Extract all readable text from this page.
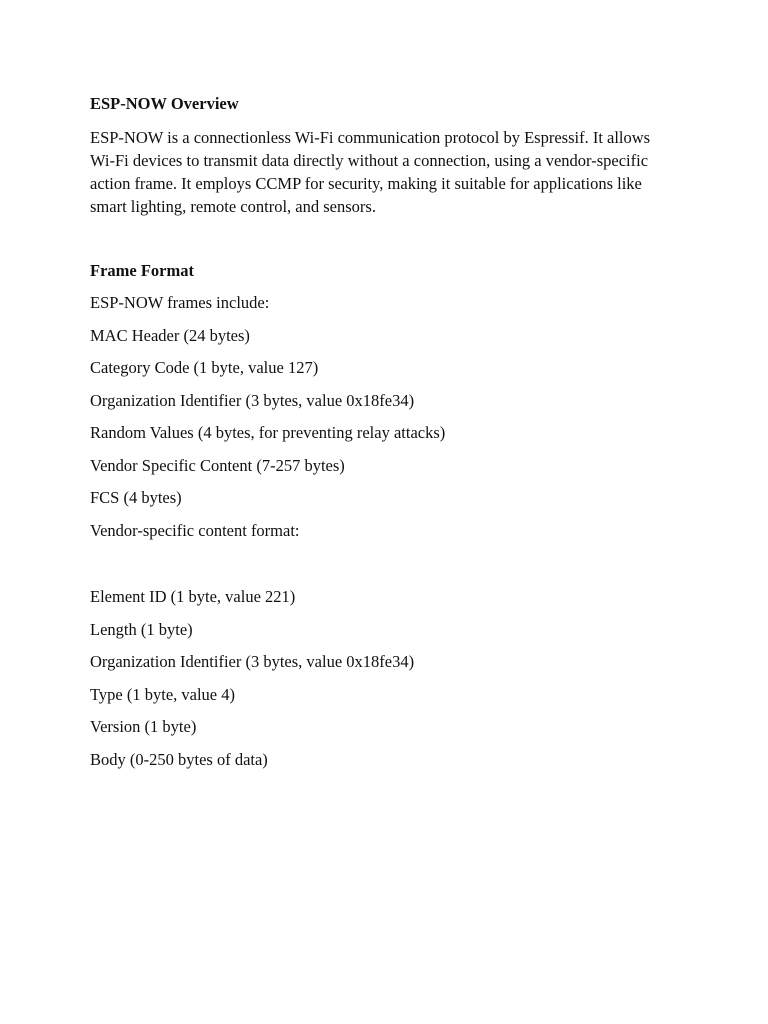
ESP-NOW Overview
ESP-NOW is a connectionless Wi-Fi communication protocol by Espressif. It allows
Wi-Fi devices to transmit data directly without a connection, using a vendor-specific
action frame. It employs CCMP for security, making it suitable for applications like
smart lighting, remote control, and sensors.
Frame Format
ESP-NOW frames include:
MAC Header (24 bytes)
Category Code (1 byte, value 127)
Organization Identifier (3 bytes, value 0x18fe34)
Random Values (4 bytes, for preventing relay attacks)
Vendor Specific Content (7-257 bytes)
FCS (4 bytes)
Vendor-specific content format:
Element ID (1 byte, value 221)
Length (1 byte)
Organization Identifier (3 bytes, value 0x18fe34)
Type (1 byte, value 4)
Version (1 byte)
Body (0-250 bytes of data)
